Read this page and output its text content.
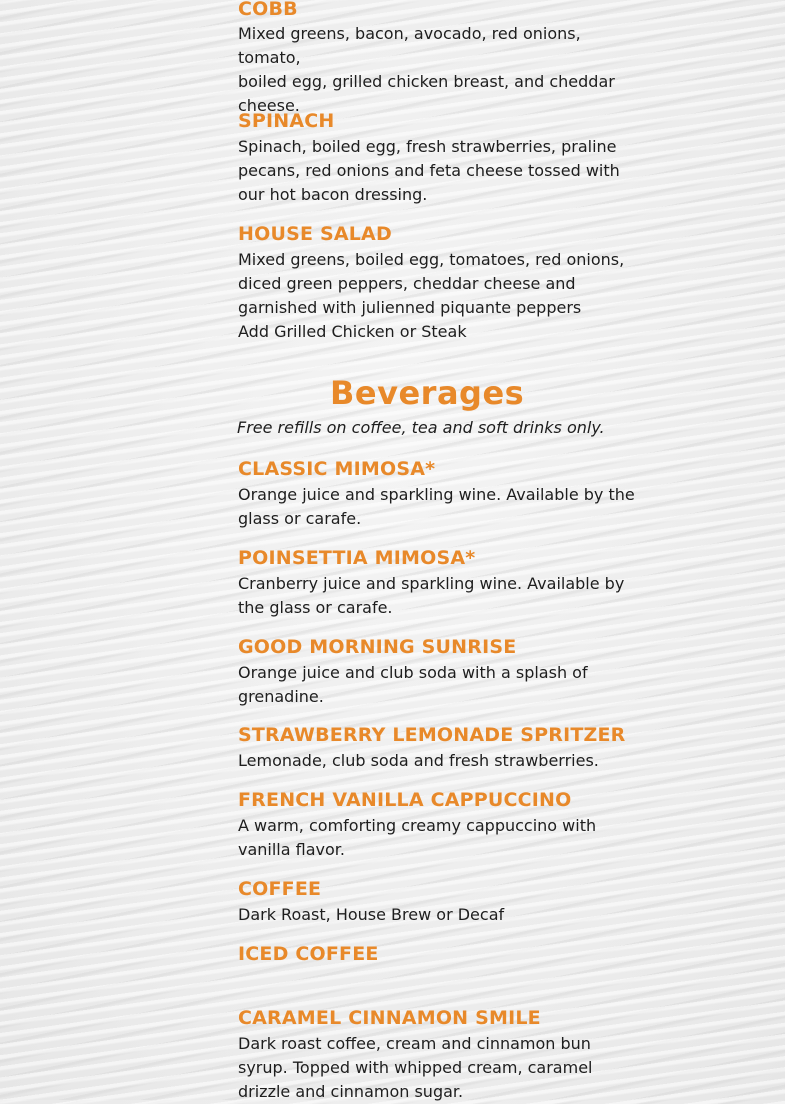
COBB
Mixed greens, bacon, avocado, red onions, tomato,
boiled egg, grilled chicken breast, and cheddar
cheese.
SPINACH
Spinach, boiled egg, fresh strawberries, praline
pecans, red onions and feta cheese tossed with
our hot bacon dressing.
HOUSE SALAD
Mixed greens, boiled egg, tomatoes, red onions,
diced green peppers, cheddar cheese and
garnished with julienned piquante peppers
Add Grilled Chicken or Steak
Beverages
Free refills on coffee, tea and soft drinks only.
CLASSIC MIMOSA*
Orange juice and sparkling wine. Available by the
glass or carafe.
POINSETTIA MIMOSA*
Cranberry juice and sparkling wine. Available by
the glass or carafe.
GOOD MORNING SUNRISE
Orange juice and club soda with a splash of
grenadine.
STRAWBERRY LEMONADE SPRITZER
Lemonade, club soda and fresh strawberries.
FRENCH VANILLA CAPPUCCINO
A warm, comforting creamy cappuccino with
vanilla flavor.
COFFEE
Dark Roast, House Brew or Decaf
ICED COFFEE
CARAMEL CINNAMON SMILE
Dark roast coffee, cream and cinnamon bun
syrup. Topped with whipped cream, caramel
drizzle and cinnamon sugar.
